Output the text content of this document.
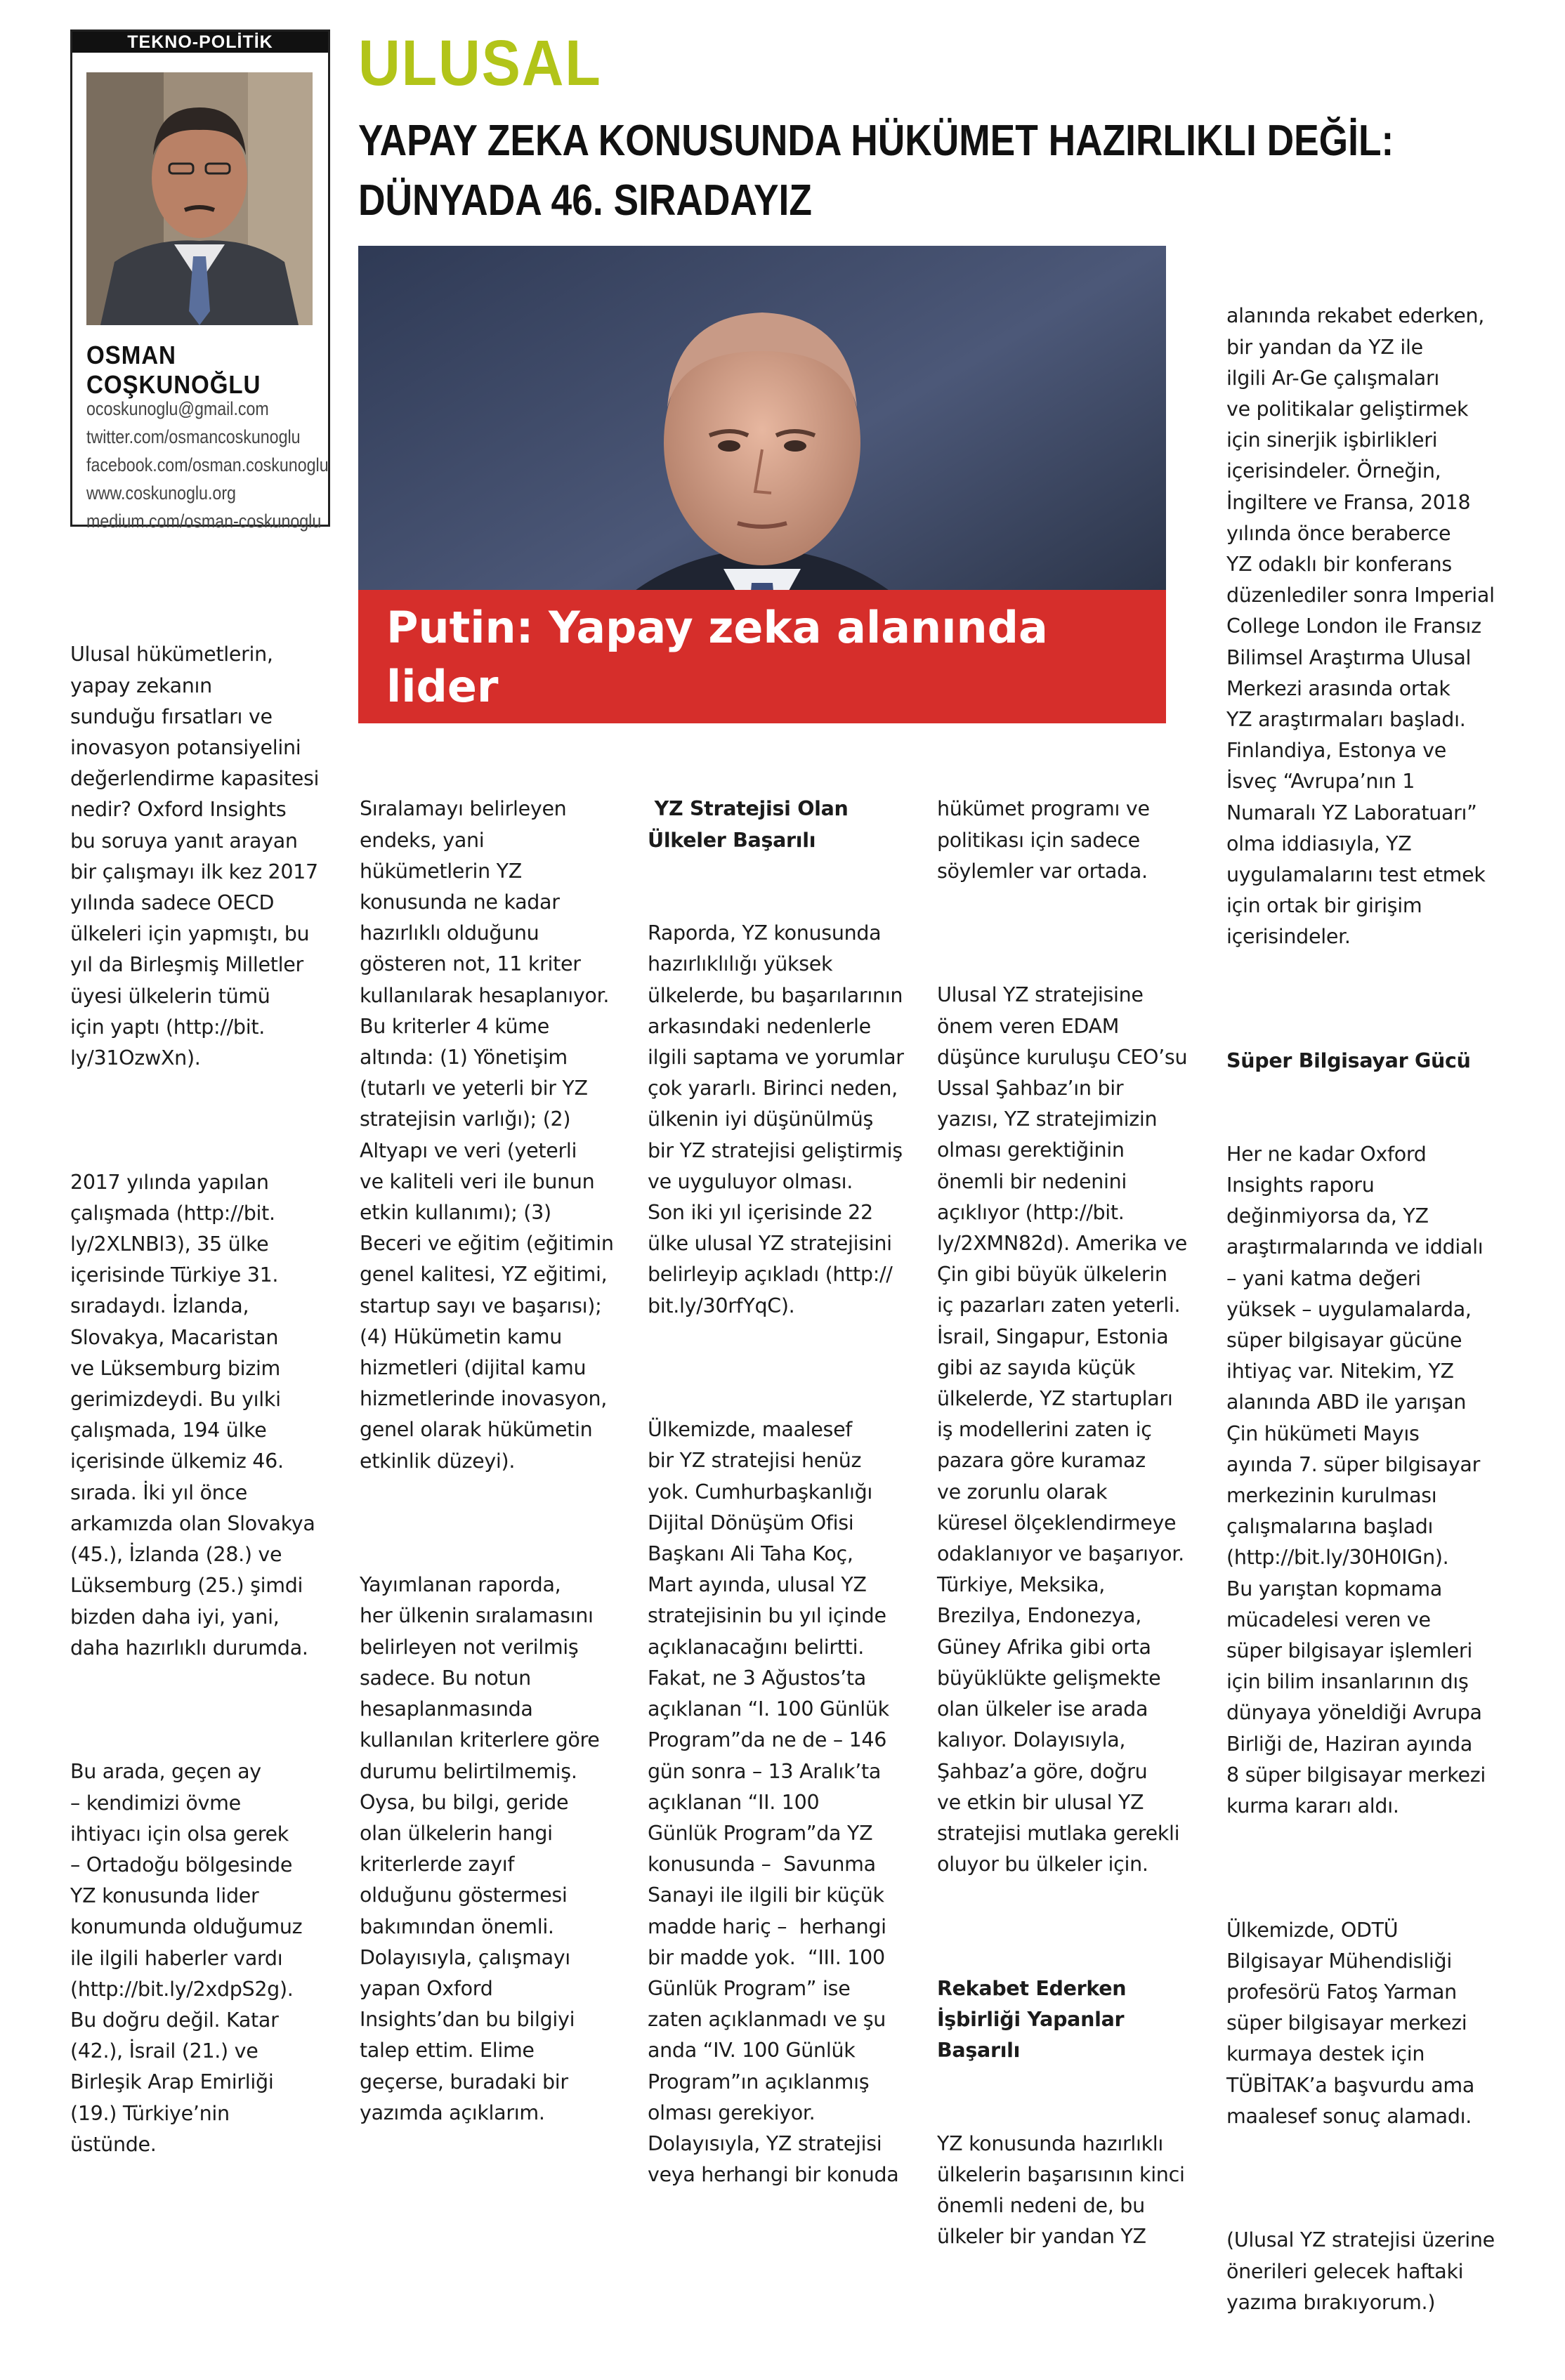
TEKNO-POLİTİK
OSMAN COŞKUNOĞLU
ocoskunoglu@gmail.com
twitter.com/osmancoskunoglu
facebook.com/osman.coskunoglu
www.coskunoglu.org
medium.com/osman-coskunoglu
ULUSAL
YAPAY ZEKA KONUSUNDA HÜKÜMET HAZIRLIKLI DEĞİL:
DÜNYADA 46. SIRADAYIZ
Putin: Yapay zeka alanında lider
olan ülke dünyayı yönetecek

Ulusal hükümetlerin,
yapay zekanın
sunduğu fırsatları ve
inovasyon potansiyelini
değerlendirme kapasitesi
nedir? Oxford Insights
bu soruya yanıt arayan
bir çalışmayı ilk kez 2017
yılında sadece OECD
ülkeleri için yapmıştı, bu
yıl da Birleşmiş Milletler
üyesi ülkelerin tümü
için yaptı (http://bit.
ly/31OzwXn).

2017 yılında yapılan
çalışmada (http://bit.
ly/2XLNBl3), 35 ülke
içerisinde Türkiye 31.
sıradaydı. İzlanda,
Slovakya, Macaristan
ve Lüksemburg bizim
gerimizdeydi. Bu yılki
çalışmada, 194 ülke
içerisinde ülkemiz 46.
sırada. İki yıl önce
arkamızda olan Slovakya
(45.), İzlanda (28.) ve
Lüksemburg (25.) şimdi
bizden daha iyi, yani,
daha hazırlıklı durumda.

Bu arada, geçen ay
– kendimizi övme
ihtiyacı için olsa gerek
– Ortadoğu bölgesinde
YZ konusunda lider
konumunda olduğumuz
ile ilgili haberler vardı
(http://bit.ly/2xdpS2g).
Bu doğru değil. Katar
(42.), İsrail (21.) ve
Birleşik Arap Emirliği
(19.) Türkiye’nin
üstünde.

Sıralamayı belirleyen
endeks, yani
hükümetlerin YZ
konusunda ne kadar
hazırlıklı olduğunu
gösteren not, 11 kriter
kullanılarak hesaplanıyor.
Bu kriterler 4 küme
altında: (1) Yönetişim
(tutarlı ve yeterli bir YZ
stratejisin varlığı); (2)
Altyapı ve veri (yeterli
ve kaliteli veri ile bunun
etkin kullanımı); (3)
Beceri ve eğitim (eğitimin
genel kalitesi, YZ eğitimi,
startup sayı ve başarısı);
(4) Hükümetin kamu
hizmetleri (dijital kamu
hizmetlerinde inovasyon,
genel olarak hükümetin
etkinlik düzeyi).

Yayımlanan raporda,
her ülkenin sıralamasını
belirleyen not verilmiş
sadece. Bu notun
hesaplanmasında
kullanılan kriterlere göre
durumu belirtilmemiş.
Oysa, bu bilgi, geride
olan ülkelerin hangi
kriterlerde zayıf
olduğunu göstermesi
bakımından önemli.
Dolayısıyla, çalışmayı
yapan Oxford
Insights’dan bu bilgiyi
talep ettim. Elime
geçerse, buradaki bir
yazımda açıklarım.

YZ Stratejisi Olan
Ülkeler Başarılı

Raporda, YZ konusunda
hazırlıklılığı yüksek
ülkelerde, bu başarılarının
arkasındaki nedenlerle
ilgili saptama ve yorumlar
çok yararlı. Birinci neden,
ülkenin iyi düşünülmüş
bir YZ stratejisi geliştirmiş
ve uyguluyor olması.
Son iki yıl içerisinde 22
ülke ulusal YZ stratejisini
belirleyip açıkladı (http://
bit.ly/30rfYqC).

Ülkemizde, maalesef
bir YZ stratejisi henüz
yok. Cumhurbaşkanlığı
Dijital Dönüşüm Ofisi
Başkanı Ali Taha Koç,
Mart ayında, ulusal YZ
stratejisinin bu yıl içinde
açıklanacağını belirtti.
Fakat, ne 3 Ağustos’ta
açıklanan “I. 100 Günlük
Program”da ne de – 146
gün sonra – 13 Aralık’ta
açıklanan “II. 100
Günlük Program”da YZ
konusunda –  Savunma
Sanayi ile ilgili bir küçük
madde hariç –  herhangi
bir madde yok.  “III. 100
Günlük Program” ise
zaten açıklanmadı ve şu
anda “IV. 100 Günlük
Program”ın açıklanmış
olması gerekiyor.
Dolayısıyla, YZ stratejisi
veya herhangi bir konuda

hükümet programı ve
politikası için sadece
söylemler var ortada.

Ulusal YZ stratejisine
önem veren EDAM
düşünce kuruluşu CEO’su
Ussal Şahbaz’ın bir
yazısı, YZ stratejimizin
olması gerektiğinin
önemli bir nedenini
açıklıyor (http://bit.
ly/2XMN82d). Amerika ve
Çin gibi büyük ülkelerin
iç pazarları zaten yeterli.
İsrail, Singapur, Estonia
gibi az sayıda küçük
ülkelerde, YZ startupları
iş modellerini zaten iç
pazara göre kuramaz
ve zorunlu olarak
küresel ölçeklendirmeye
odaklanıyor ve başarıyor.
Türkiye, Meksika,
Brezilya, Endonezya,
Güney Afrika gibi orta
büyüklükte gelişmekte
olan ülkeler ise arada
kalıyor. Dolayısıyla,
Şahbaz’a göre, doğru
ve etkin bir ulusal YZ
stratejisi mutlaka gerekli
oluyor bu ülkeler için.

Rekabet Ederken
İşbirliği Yapanlar
Başarılı

YZ konusunda hazırlıklı
ülkelerin başarısının kinci
önemli nedeni de, bu
ülkeler bir yandan YZ

alanında rekabet ederken,
bir yandan da YZ ile
ilgili Ar-Ge çalışmaları
ve politikalar geliştirmek
için sinerjik işbirlikleri
içerisindeler. Örneğin,
İngiltere ve Fransa, 2018
yılında önce beraberce
YZ odaklı bir konferans
düzenlediler sonra Imperial
College London ile Fransız
Bilimsel Araştırma Ulusal
Merkezi arasında ortak
YZ araştırmaları başladı.
Finlandiya, Estonya ve
İsveç “Avrupa’nın 1
Numaralı YZ Laboratuarı”
olma iddiasıyla, YZ
uygulamalarını test etmek
için ortak bir girişim
içerisindeler.

Süper Bilgisayar Gücü

Her ne kadar Oxford
Insights raporu
değinmiyorsa da, YZ
araştırmalarında ve iddialı
– yani katma değeri
yüksek – uygulamalarda,
süper bilgisayar gücüne
ihtiyaç var. Nitekim, YZ
alanında ABD ile yarışan
Çin hükümeti Mayıs
ayında 7. süper bilgisayar
merkezinin kurulması
çalışmalarına başladı
(http://bit.ly/30H0IGn).
Bu yarıştan kopmama
mücadelesi veren ve
süper bilgisayar işlemleri
için bilim insanlarının dış
dünyaya yöneldiği Avrupa
Birliği de, Haziran ayında
8 süper bilgisayar merkezi
kurma kararı aldı.

Ülkemizde, ODTÜ
Bilgisayar Mühendisliği
profesörü Fatoş Yarman
süper bilgisayar merkezi
kurmaya destek için
TÜBİTAK’a başvurdu ama
maalesef sonuç alamadı.

(Ulusal YZ stratejisi üzerine
önerileri gelecek haftaki
yazıma bırakıyorum.)
